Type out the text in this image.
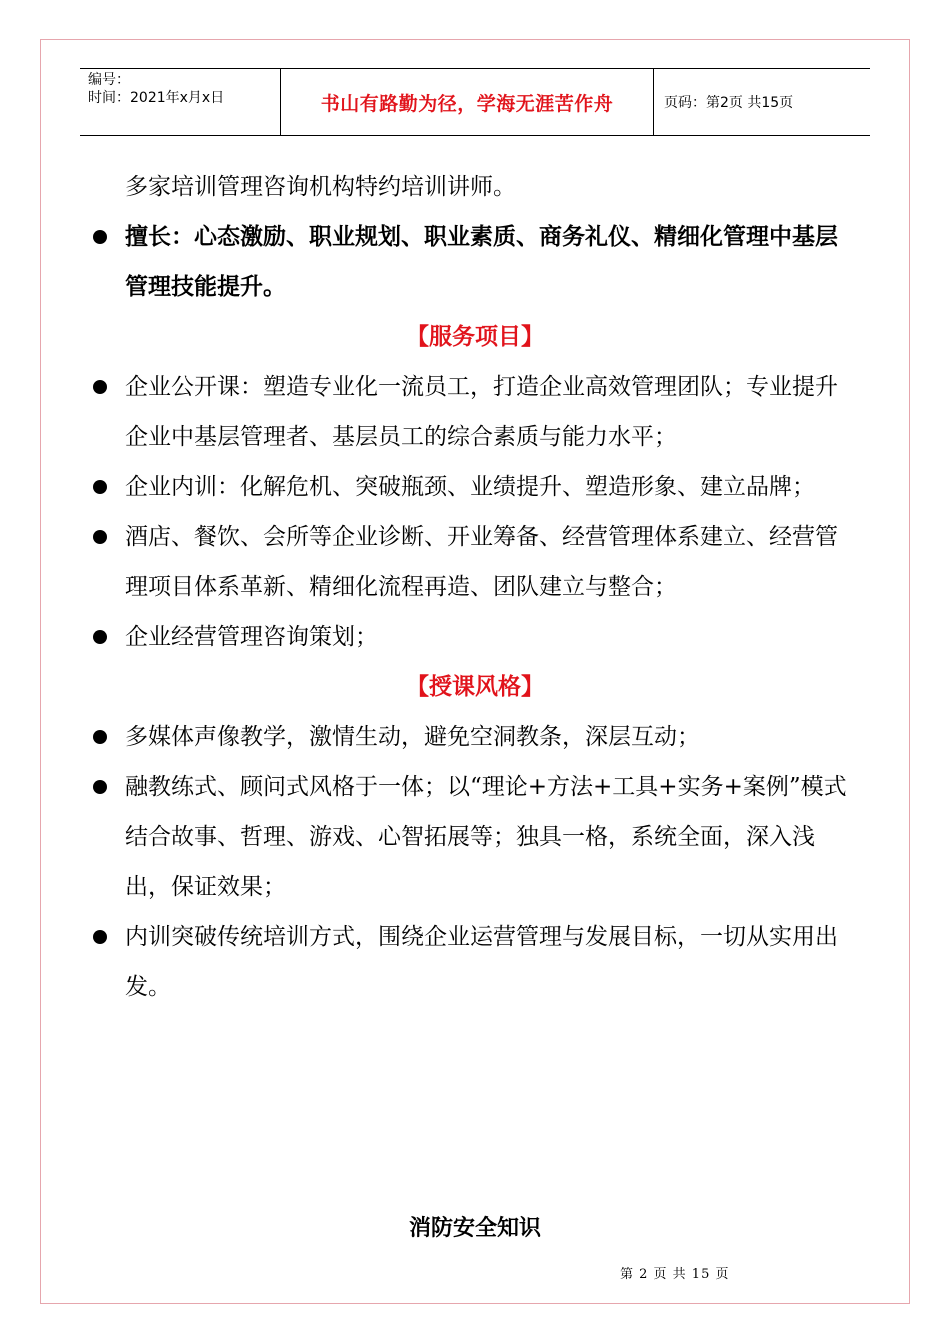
编号：
时间：2021年x月x日	书山有路勤为径，学海无涯苦作舟	页码：第2页 共15页

多家培训管理咨询机构特约培训讲师。

擅长：心态激励、职业规划、职业素质、商务礼仪、精细化管理中基层管理技能提升。

【服务项目】

企业公开课：塑造专业化一流员工，打造企业高效管理团队；专业提升企业中基层管理者、基层员工的综合素质与能力水平；
企业内训：化解危机、突破瓶颈、业绩提升、塑造形象、建立品牌；
酒店、餐饮、会所等企业诊断、开业筹备、经营管理体系建立、经营管理项目体系革新、精细化流程再造、团队建立与整合；
企业经营管理咨询策划；

【授课风格】

多媒体声像教学，激情生动，避免空洞教条，深层互动；
融教练式、顾问式风格于一体；以“理论+方法+工具+实务+案例”模式结合故事、哲理、游戏、心智拓展等；独具一格，系统全面，深入浅出，保证效果；
内训突破传统培训方式，围绕企业运营管理与发展目标，一切从实用出发。
消防安全知识
第 2 页 共 15 页
